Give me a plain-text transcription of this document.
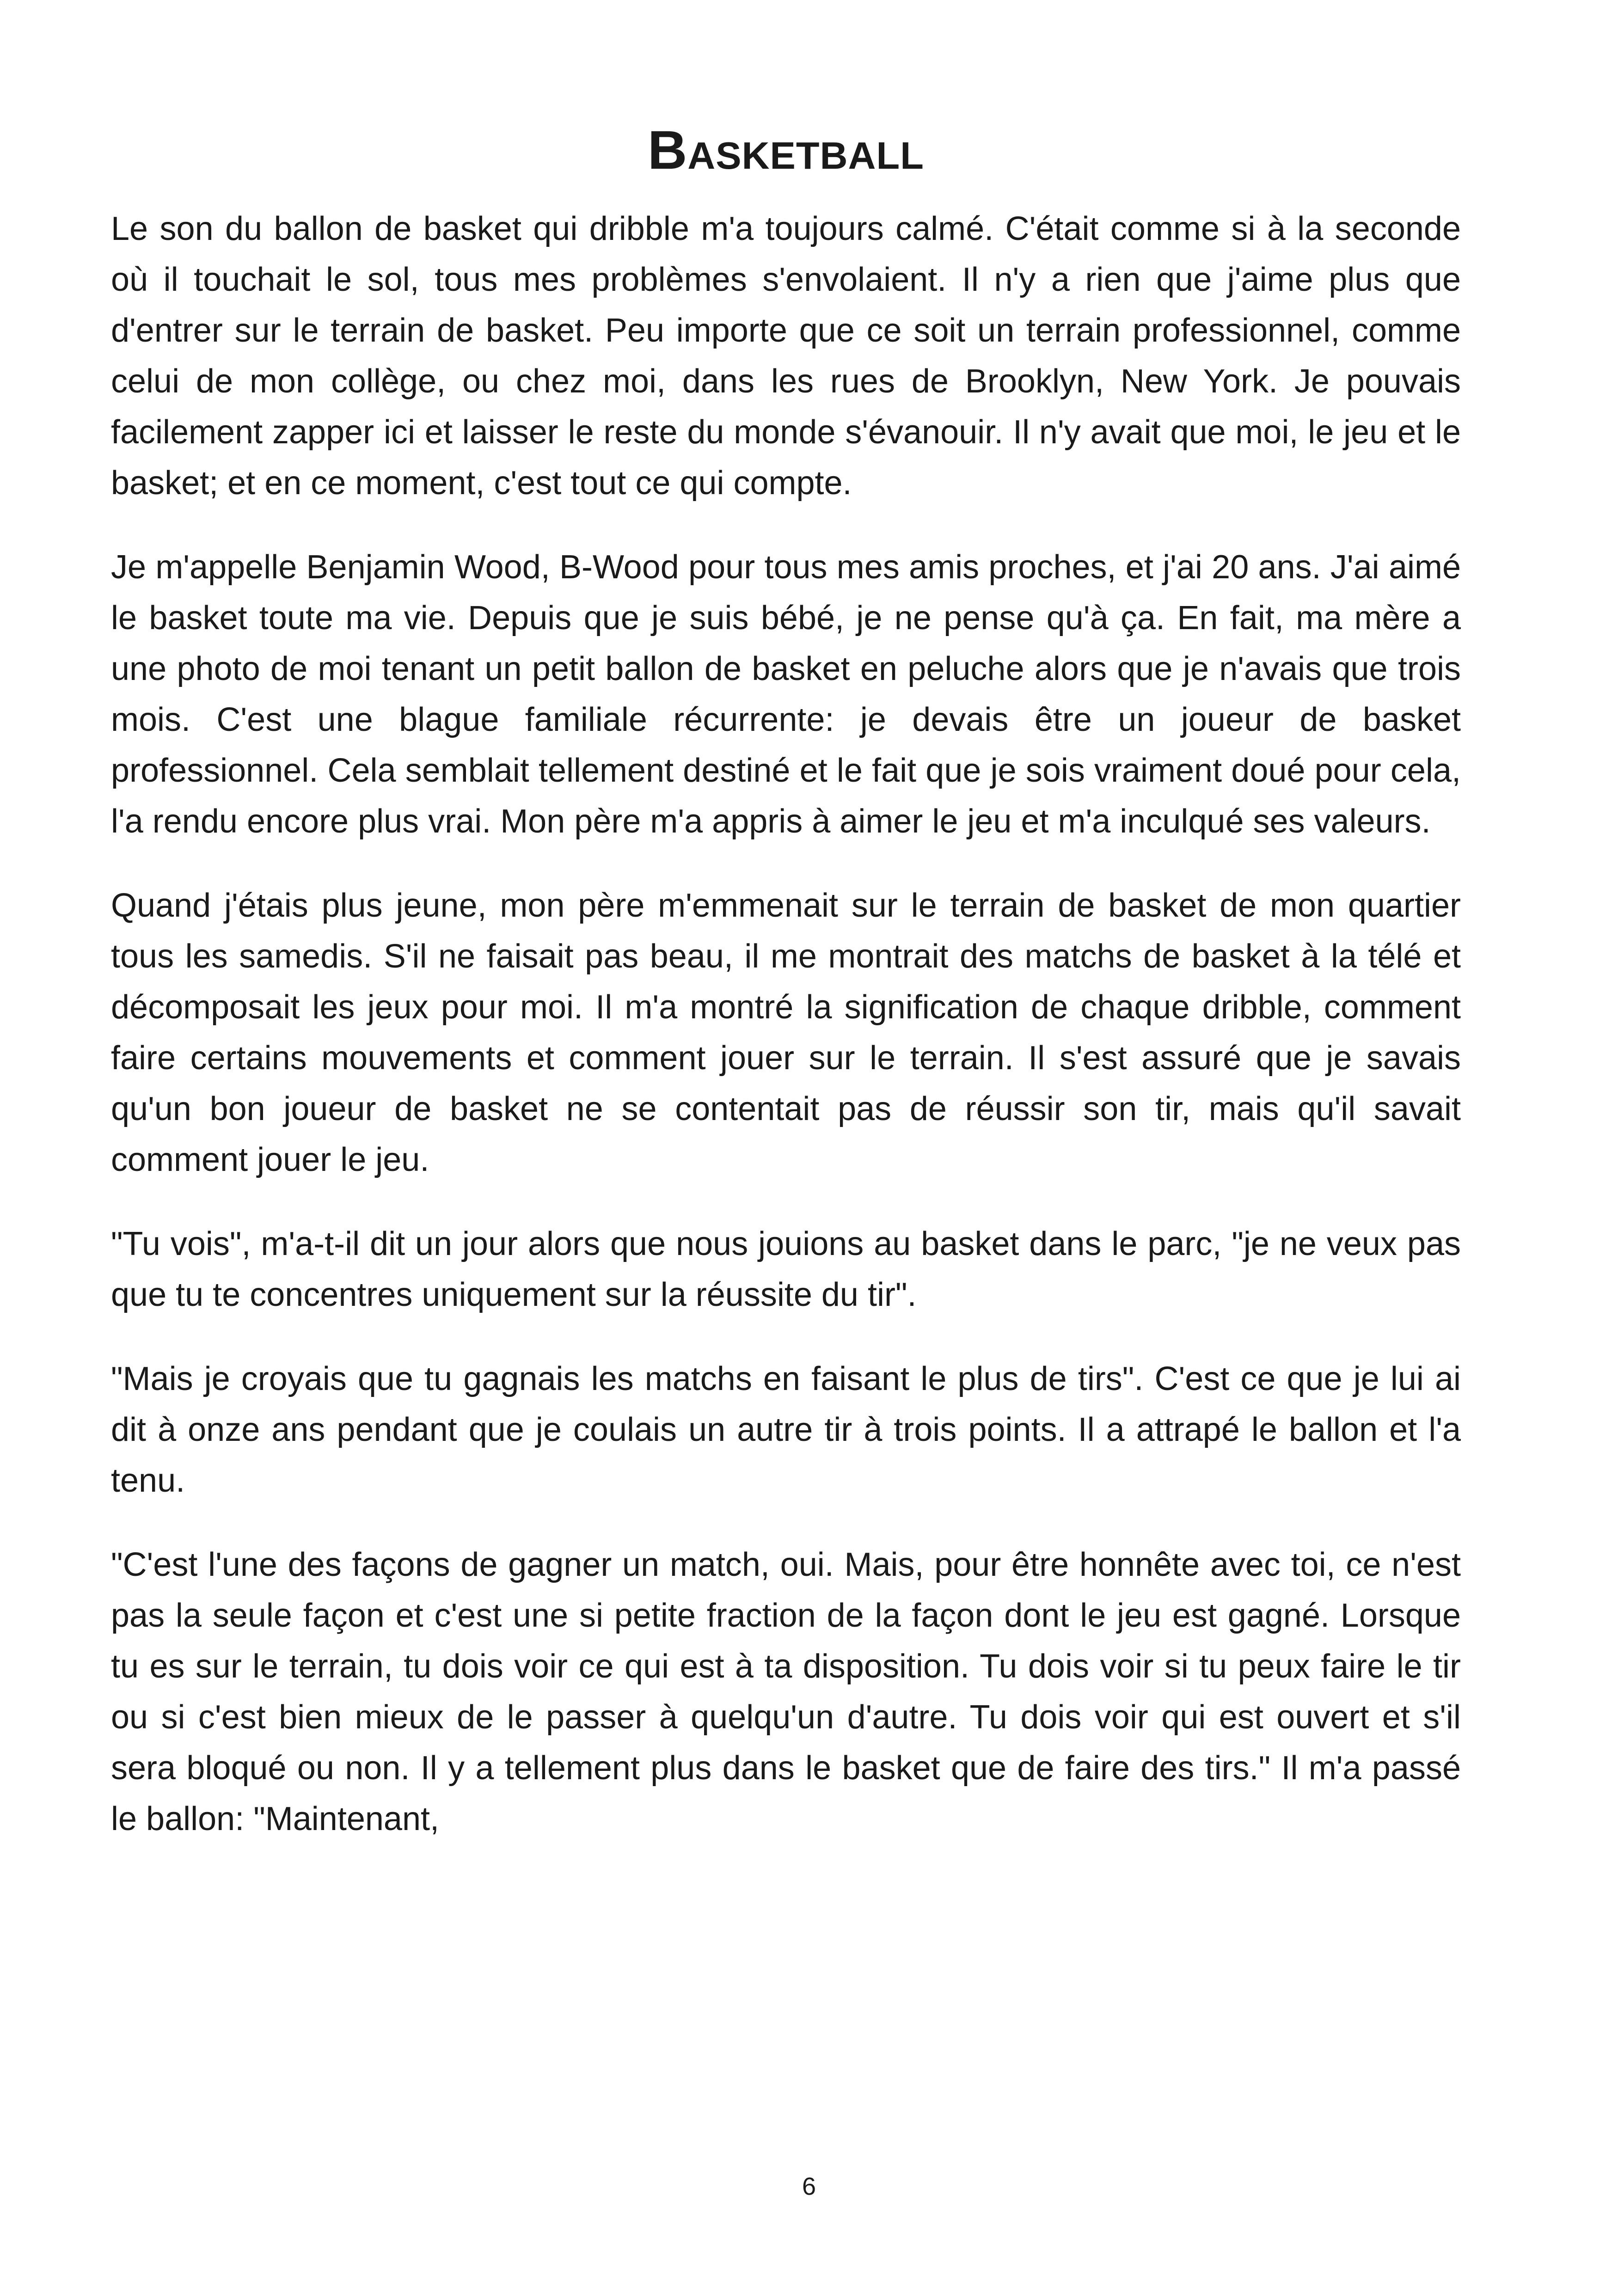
Basketball

Le son du ballon de basket qui dribble m'a toujours calmé. C'était comme si à la seconde où il touchait le sol, tous mes problèmes s'envolaient. Il n'y a rien que j'aime plus que d'entrer sur le terrain de basket. Peu importe que ce soit un terrain professionnel, comme celui de mon collège, ou chez moi, dans les rues de Brooklyn, New York. Je pouvais facilement zapper ici et laisser le reste du monde s'évanouir. Il n'y avait que moi, le jeu et le basket; et en ce moment, c'est tout ce qui compte.

Je m'appelle Benjamin Wood, B-Wood pour tous mes amis proches, et j'ai 20 ans. J'ai aimé le basket toute ma vie. Depuis que je suis bébé, je ne pense qu'à ça. En fait, ma mère a une photo de moi tenant un petit ballon de basket en peluche alors que je n'avais que trois mois. C'est une blague familiale récurrente: je devais être un joueur de basket professionnel. Cela semblait tellement destiné et le fait que je sois vraiment doué pour cela, l'a rendu encore plus vrai. Mon père m'a appris à aimer le jeu et m'a inculqué ses valeurs.

Quand j'étais plus jeune, mon père m'emmenait sur le terrain de basket de mon quartier tous les samedis. S'il ne faisait pas beau, il me montrait des matchs de basket à la télé et décomposait les jeux pour moi. Il m'a montré la signification de chaque dribble, comment faire certains mouvements et comment jouer sur le terrain. Il s'est assuré que je savais qu'un bon joueur de basket ne se contentait pas de réussir son tir, mais qu'il savait comment jouer le jeu.

"Tu vois", m'a-t-il dit un jour alors que nous jouions au basket dans le parc, "je ne veux pas que tu te concentres uniquement sur la réussite du tir".

"Mais je croyais que tu gagnais les matchs en faisant le plus de tirs". C'est ce que je lui ai dit à onze ans pendant que je coulais un autre tir à trois points. Il a attrapé le ballon et l'a tenu.

"C'est l'une des façons de gagner un match, oui. Mais, pour être honnête avec toi, ce n'est pas la seule façon et c'est une si petite fraction de la façon dont le jeu est gagné. Lorsque tu es sur le terrain, tu dois voir ce qui est à ta disposition. Tu dois voir si tu peux faire le tir ou si c'est bien mieux de le passer à quelqu'un d'autre. Tu dois voir qui est ouvert et s'il sera bloqué ou non. Il y a tellement plus dans le basket que de faire des tirs." Il m'a passé le ballon: "Maintenant,

6
